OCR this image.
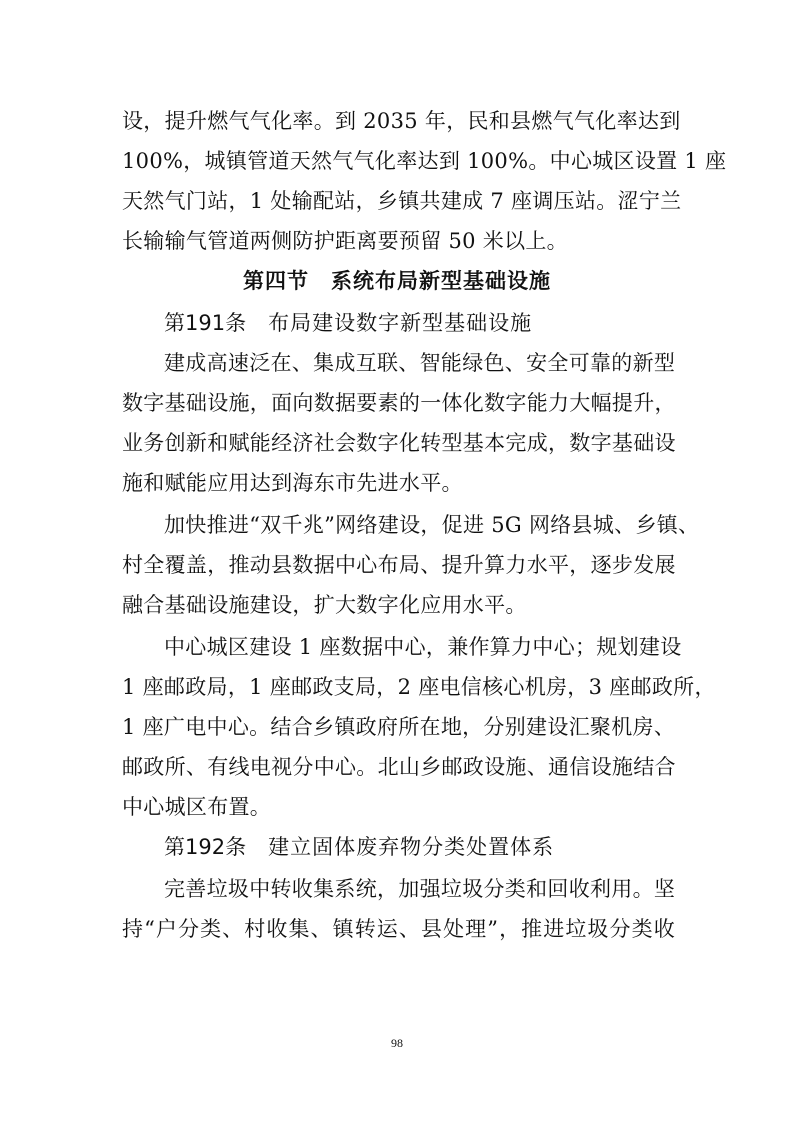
设，提升燃气气化率。到 2035 年，民和县燃气气化率达到
100%，城镇管道天然气气化率达到 100%。中心城区设置 1 座
天然气门站，1 处输配站，乡镇共建成 7 座调压站。涩宁兰
长输输气管道两侧防护距离要预留 50 米以上。
第四节　系统布局新型基础设施
第191条 布局建设数字新型基础设施
建成高速泛在、集成互联、智能绿色、安全可靠的新型
数字基础设施，面向数据要素的一体化数字能力大幅提升，
业务创新和赋能经济社会数字化转型基本完成，数字基础设
施和赋能应用达到海东市先进水平。
加快推进“双千兆”网络建设，促进 5G 网络县城、乡镇、
村全覆盖，推动县数据中心布局、提升算力水平，逐步发展
融合基础设施建设，扩大数字化应用水平。
中心城区建设 1 座数据中心，兼作算力中心；规划建设
1 座邮政局，1 座邮政支局，2 座电信核心机房，3 座邮政所，
1 座广电中心。结合乡镇政府所在地，分别建设汇聚机房、
邮政所、有线电视分中心。北山乡邮政设施、通信设施结合
中心城区布置。
第192条 建立固体废弃物分类处置体系
完善垃圾中转收集系统，加强垃圾分类和回收利用。坚
持“户分类、村收集、镇转运、县处理”，推进垃圾分类收
98
